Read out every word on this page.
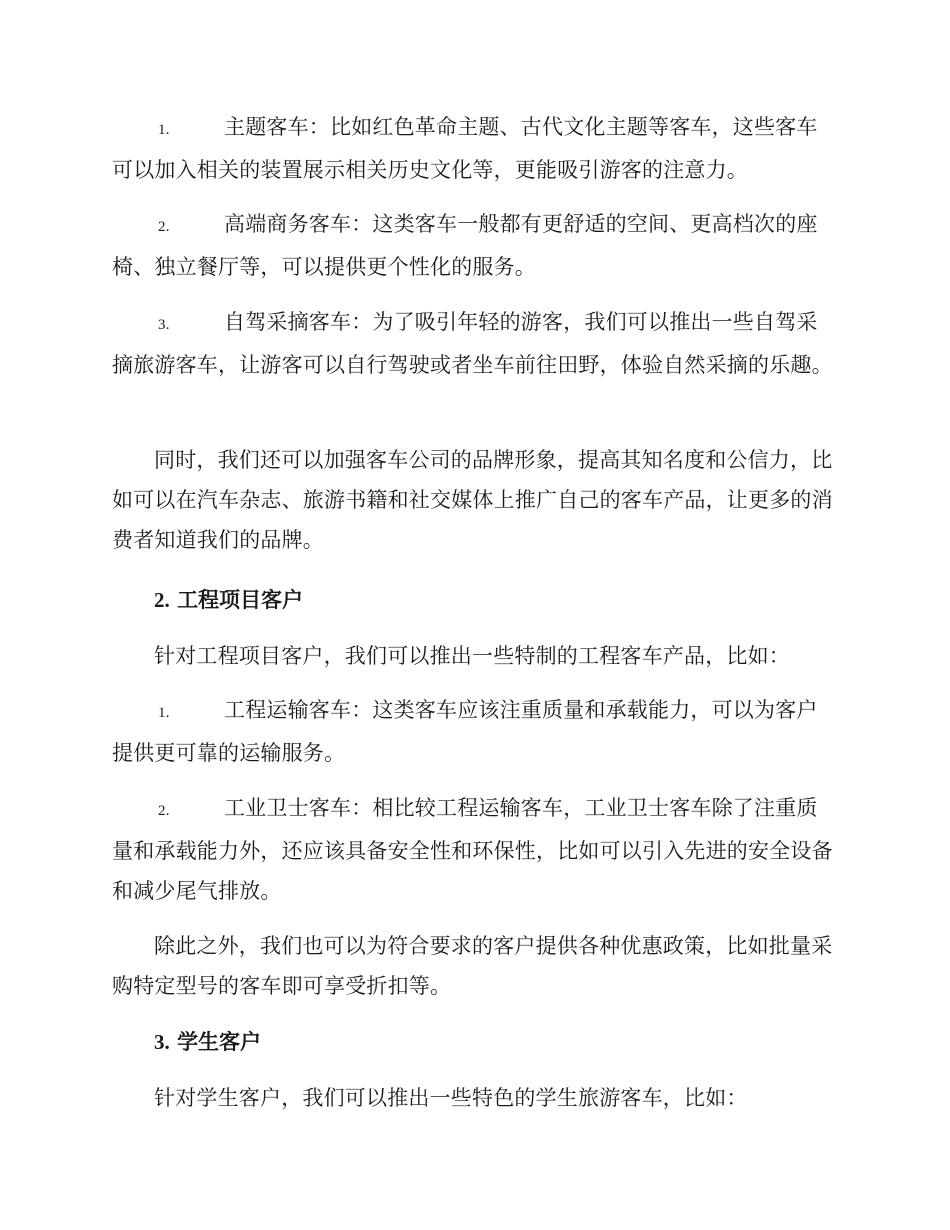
1.	主题客车：比如红色革命主题、古代文化主题等客车，这些客车可以加入相关的装置展示相关历史文化等，更能吸引游客的注意力。
2.	高端商务客车：这类客车一般都有更舒适的空间、更高档次的座椅、独立餐厅等，可以提供更个性化的服务。
3.	自驾采摘客车：为了吸引年轻的游客，我们可以推出一些自驾采摘旅游客车，让游客可以自行驾驶或者坐车前往田野，体验自然采摘的乐趣。
同时，我们还可以加强客车公司的品牌形象，提高其知名度和公信力，比如可以在汽车杂志、旅游书籍和社交媒体上推广自己的客车产品，让更多的消费者知道我们的品牌。
2. 工程项目客户
针对工程项目客户，我们可以推出一些特制的工程客车产品，比如：
1.	工程运输客车：这类客车应该注重质量和承载能力，可以为客户提供更可靠的运输服务。
2.	工业卫士客车：相比较工程运输客车，工业卫士客车除了注重质量和承载能力外，还应该具备安全性和环保性，比如可以引入先进的安全设备和减少尾气排放。
除此之外，我们也可以为符合要求的客户提供各种优惠政策，比如批量采购特定型号的客车即可享受折扣等。
3. 学生客户
针对学生客户，我们可以推出一些特色的学生旅游客车，比如：
